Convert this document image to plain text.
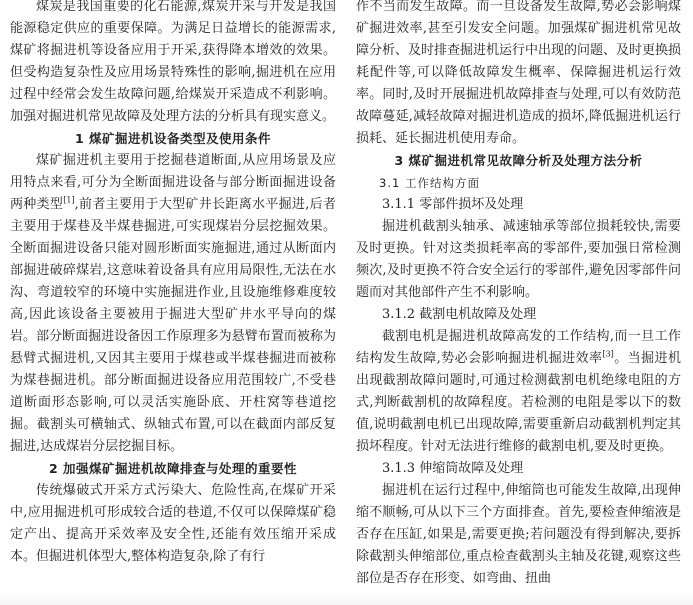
煤炭是我国重要的化石能源,煤炭开采与开发是我国能源稳定供应的重要保障。为满足日益增长的能源需求,煤矿将掘进机等设备应用于开采,获得降本增效的效果。但受构造复杂性及应用场景特殊性的影响,掘进机在应用过程中经常会发生故障问题,给煤炭开采造成不利影响。加强对掘进机常见故障及处理方法的分析具有现实意义。

1 煤矿掘进机设备类型及使用条件

煤矿掘进机主要用于挖掘巷道断面,从应用场景及应用特点来看,可分为全断面掘进设备与部分断面掘进设备两种类型[1],前者主要用于大型矿井长距离水平掘进,后者主要用于煤巷及半煤巷掘进,可实现煤岩分层挖掘效果。全断面掘进设备只能对圆形断面实施掘进,通过从断面内部掘进破碎煤岩,这意味着设备具有应用局限性,无法在水沟、弯道较窄的环境中实施掘进作业,且设施维修难度较高,因此该设备主要被用于掘进大型矿井水平导向的煤岩。部分断面掘进设备因工作原理多为悬臂布置而被称为悬臂式掘进机,又因其主要用于煤巷或半煤巷掘进而被称为煤巷掘进机。部分断面掘进设备应用范围较广,不受巷道断面形态影响,可以灵活实施卧底、开柱窝等巷道挖掘。截割头可横轴式、纵轴式布置,可以在截面内部反复掘进,达成煤岩分层挖掘目标。

2 加强煤矿掘进机故障排查与处理的重要性

传统爆破式开采方式污染大、危险性高,在煤矿开采中,应用掘进机可形成较合适的巷道,不仅可以保障煤矿稳定产出、提高开采效率及安全性,还能有效压缩开采成本。但掘进机体型大,整体构造复杂,除了有行

作不当而发生故障。而一旦设备发生故障,势必会影响煤矿掘进效率,甚至引发安全问题。加强煤矿掘进机常见故障分析、及时排查掘进机运行中出现的问题、及时更换损耗配件等,可以降低故障发生概率、保障掘进机运行效率。同时,及时开展掘进机故障排查与处理,可以有效防范故障蔓延,减轻故障对掘进机造成的损坏,降低掘进机运行损耗、延长掘进机使用寿命。

3 煤矿掘进机常见故障分析及处理方法分析

3.1 工作结构方面

3.1.1 零部件损坏及处理

掘进机截割头轴承、减速轴承等部位损耗较快,需要及时更换。针对这类损耗率高的零部件,要加强日常检测频次,及时更换不符合安全运行的零部件,避免因零部件问题而对其他部件产生不利影响。

3.1.2 截割电机故障及处理

截割电机是掘进机故障高发的工作结构,而一旦工作结构发生故障,势必会影响掘进机掘进效率[3]。当掘进机出现截割故障问题时,可通过检测截割电机绝缘电阻的方式,判断截割机的故障程度。若检测的电阻是零以下的数值,说明截割电机已出现故障,需要重新启动截割机判定其损坏程度。针对无法进行维修的截割电机,要及时更换。

3.1.3 伸缩筒故障及处理

掘进机在运行过程中,伸缩筒也可能发生故障,出现伸缩不顺畅,可从以下三个方面排查。首先,要检查伸缩液是否存在压缸,如果是,需要更换;若问题没有得到解决,要拆除截割头伸缩部位,重点检查截割头主轴及花键,观察这些部位是否存在形变、如弯曲、扭曲
